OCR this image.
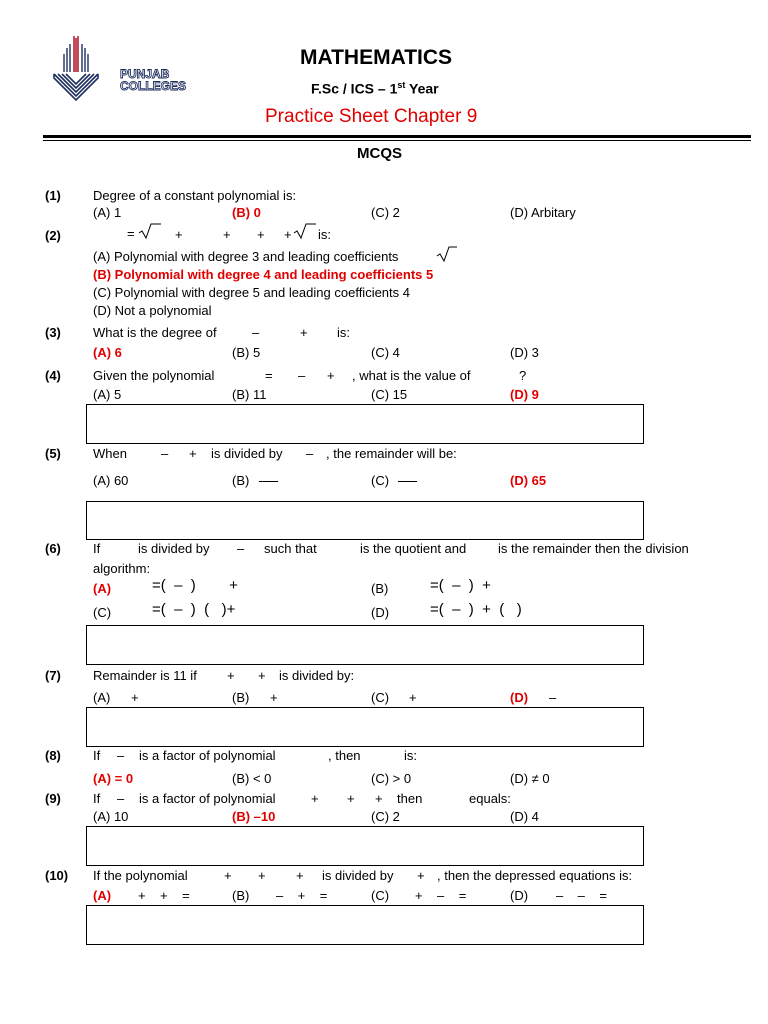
PUNJAB
COLLEGES
MATHEMATICS
F.Sc / ICS – 1st Year
Practice Sheet Chapter 9
MCQS
(1) Degree of a constant polynomial is:
(A) 1	(B) 0	(C) 2	(D) Arbitary
(2)	=	+	+ + + is:
(A) Polynomial with degree 3 and leading coefficients
(B) Polynomial with degree 4 and leading coefficients 5
(C) Polynomial with degree 5 and leading coefficients 4
(D) Not a polynomial
(3) What is the degree of	–	+ is:
(A) 6	(B) 5	(C) 4	(D) 3
(4) Given the polynomial	= – + , what is the value of	?
(A) 5	(B) 11	(C) 15	(D) 9
(5) When	– + is divided by – , the remainder will be:
(A) 60	(B)	(C)	(D) 65
(6) If	is divided by – such that	is the quotient and is the remainder then the division
algorithm:
(A)	=(  –  )        +	(B)	=(  –  )  +
(C)	=(  –  )  (   )+	(D)	=(  –  )  +  (   )
(7) Remainder is 11 if + + is divided by:
(A) +	(B) +	(C) +	(D) –
(8) If – is a factor of polynomial	, then	is:
(A) = 0	(B) < 0	(C) > 0	(D) ≠ 0
(9) If – is a factor of polynomial	+ + + then	equals:
(A) 10	(B) –10	(C) 2	(D) 4
(10) If the polynomial	+ + + is divided by + , then the depressed equations is:
(A) +    +    =	(B) –    +    =	(C) +    –    =	(D) –    –    =
